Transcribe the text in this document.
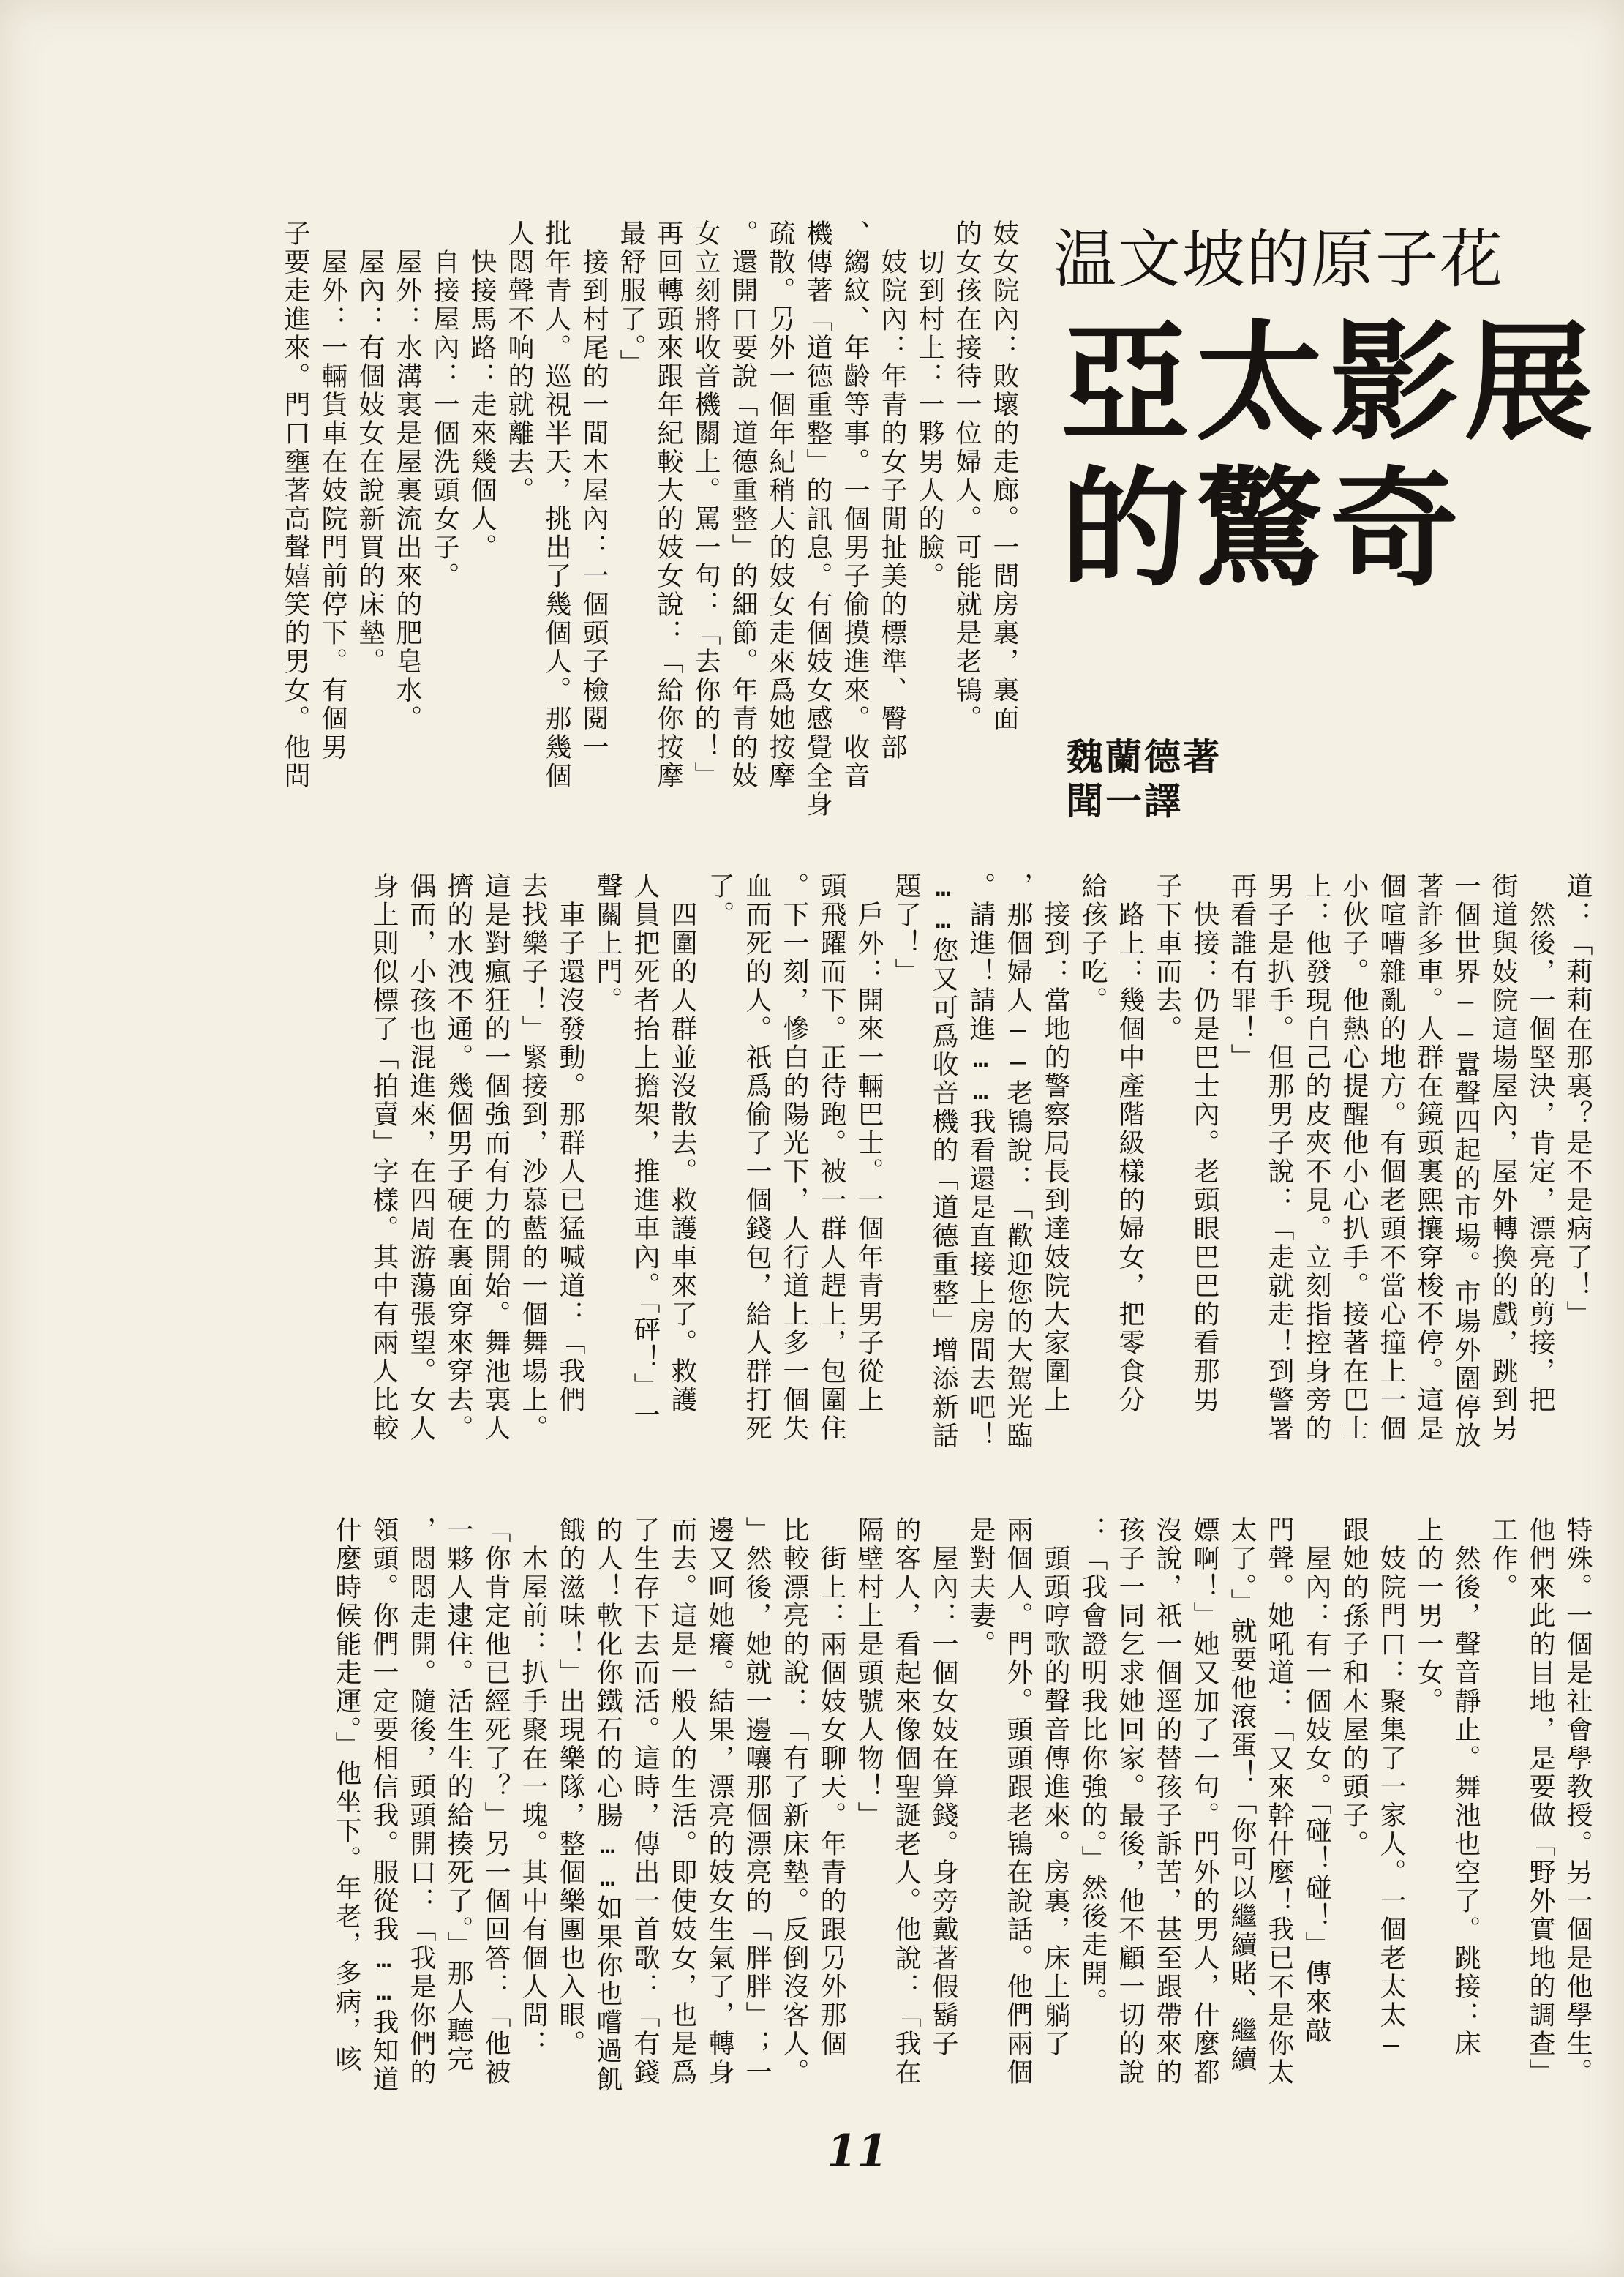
温文坡的原子花
亞太影展
的驚奇
魏蘭德著
聞一譯
妓女院內：敗壞的走廊。一間房裏，裏面
的女孩在接待一位婦人。可能就是老鴇。
　切到村上：一夥男人的臉。
　妓院內：年青的女子閒扯美的標準、臀部
、縐紋、年齡等事。一個男子偷摸進來。收音
機傳著「道德重整」的訊息。有個妓女感覺全身
疏散。另外一個年紀稍大的妓女走來爲她按摩
。還開口要說「道德重整」的細節。年青的妓
女立刻將收音機關上。罵一句：「去你的！」
再回轉頭來跟年紀較大的妓女說：「給你按摩
最舒服了。」
　接到村尾的一間木屋內：一個頭子檢閱一
批年青人。巡視半天，挑出了幾個人。那幾個
人悶聲不响的就離去。
　快接馬路：走來幾個人。
　自接屋內：一個洗頭女子。
　屋外：水溝裏是屋裏流出來的肥皂水。
　屋內：有個妓女在說新買的床墊。
　屋外：一輛貨車在妓院門前停下。有個男
子要走進來。門口壅著高聲嬉笑的男女。他問
道：「莉莉在那裏？是不是病了！」
　然後，一個堅決，肯定，漂亮的剪接，把
街道與妓院這場屋內，屋外轉換的戲，跳到另
一個世界——囂聲四起的市場。市場外圍停放
著許多車。人群在鏡頭裏熙攘穿梭不停。這是
個喧嘈雜亂的地方。有個老頭不當心撞上一個
小伙子。他熱心提醒他小心扒手。接著在巴士
上：他發現自己的皮夾不見。立刻指控身旁的
男子是扒手。但那男子說：「走就走！到警署
再看誰有罪！」
　快接：仍是巴士內。老頭眼巴巴的看那男
子下車而去。
　路上：幾個中產階級樣的婦女，把零食分
給孩子吃。
　接到：當地的警察局長到達妓院大家圍上
，那個婦人——老鴇說：「歡迎您的大駕光臨
。請進！請進……我看還是直接上房間去吧！
……您又可爲收音機的「道德重整」增添新話
題了！」
　戶外：開來一輛巴士。一個年青男子從上
頭飛躍而下。正待跑。被一群人趕上，包圍住
。下一刻，慘白的陽光下，人行道上多一個失
血而死的人。祇爲偷了一個錢包，給人群打死
了。
　四圍的人群並沒散去。救護車來了。救護
人員把死者抬上擔架，推進車內。「砰！」一
聲關上門。
　車子還沒發動。那群人已猛喊道：「我們
去找樂子！」緊接到，沙慕藍的一個舞場上。
這是對瘋狂的一個強而有力的開始。舞池裏人
擠的水洩不通。幾個男子硬在裏面穿來穿去。
偶而，小孩也混進來，在四周游蕩張望。女人
身上則似標了「拍賣」字樣。其中有兩人比較
特殊。一個是社會學教授。另一個是他學生。
他們來此的目地，是要做「野外實地的調查」
工作。
　然後，聲音靜止。舞池也空了。跳接：床
上的一男一女。
　妓院門口：聚集了一家人。一個老太太—
跟她的孫子和木屋的頭子。
　屋內：有一個妓女。「碰！碰！」傳來敲
門聲。她吼道：「又來幹什麼！我已不是你太
太了。」就要他滾蛋！「你可以繼續賭、繼續
嫖啊！」她又加了一句。門外的男人，什麼都
沒說，祇一個逕的替孩子訴苦，甚至跟帶來的
孩子一同乞求她回家。最後，他不顧一切的說
：「我會證明我比你強的。」然後走開。
　頭頭哼歌的聲音傳進來。房裏，床上躺了
兩個人。門外。頭頭跟老鴇在說話。他們兩個
是對夫妻。
　屋內：一個女妓在算錢。身旁戴著假鬍子
的客人，看起來像個聖誕老人。他說：「我在
隔壁村上是頭號人物！」
　街上：兩個妓女聊天。年青的跟另外那個
比較漂亮的說：「有了新床墊。反倒沒客人。
」然後，她就一邊嚷那個漂亮的「胖胖」；一
邊又呵她癢。結果，漂亮的妓女生氣了，轉身
而去。這是一般人的生活。即使妓女，也是爲
了生存下去而活。這時，傳出一首歌：「有錢
的人！軟化你鐵石的心腸……如果你也嚐過飢
餓的滋味！」出現樂隊，整個樂團也入眼。
　木屋前：扒手聚在一塊。其中有個人問：
「你肯定他已經死了？」另一個回答：「他被
一夥人逮住。活生生的給揍死了。」那人聽完
，悶悶走開。隨後，頭頭開口：「我是你們的
領頭。你們一定要相信我。服從我……我知道
什麼時候能走運。」他坐下。年老，多病，咳
11
